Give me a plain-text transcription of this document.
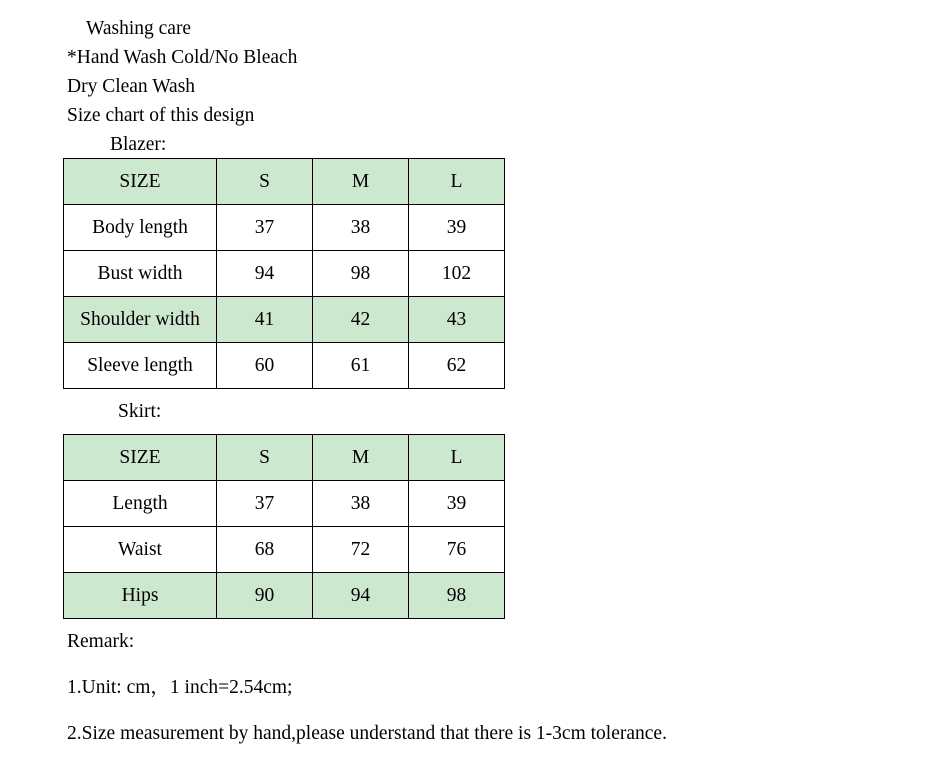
Washing care
*Hand Wash Cold/No Bleach
Dry Clean Wash
Size chart of this design
Blazer:
SIZE	S	M	L
Body length	37	38	39
Bust width	94	98	102
Shoulder width	41	42	43
Sleeve length	60	61	62
Skirt:
SIZE	S	M	L
Length	37	38	39
Waist	68	72	76
Hips	90	94	98
Remark:
1.Unit: cm，1 inch=2.54cm;
2.Size measurement by hand,please understand that there is 1-3cm tolerance.
